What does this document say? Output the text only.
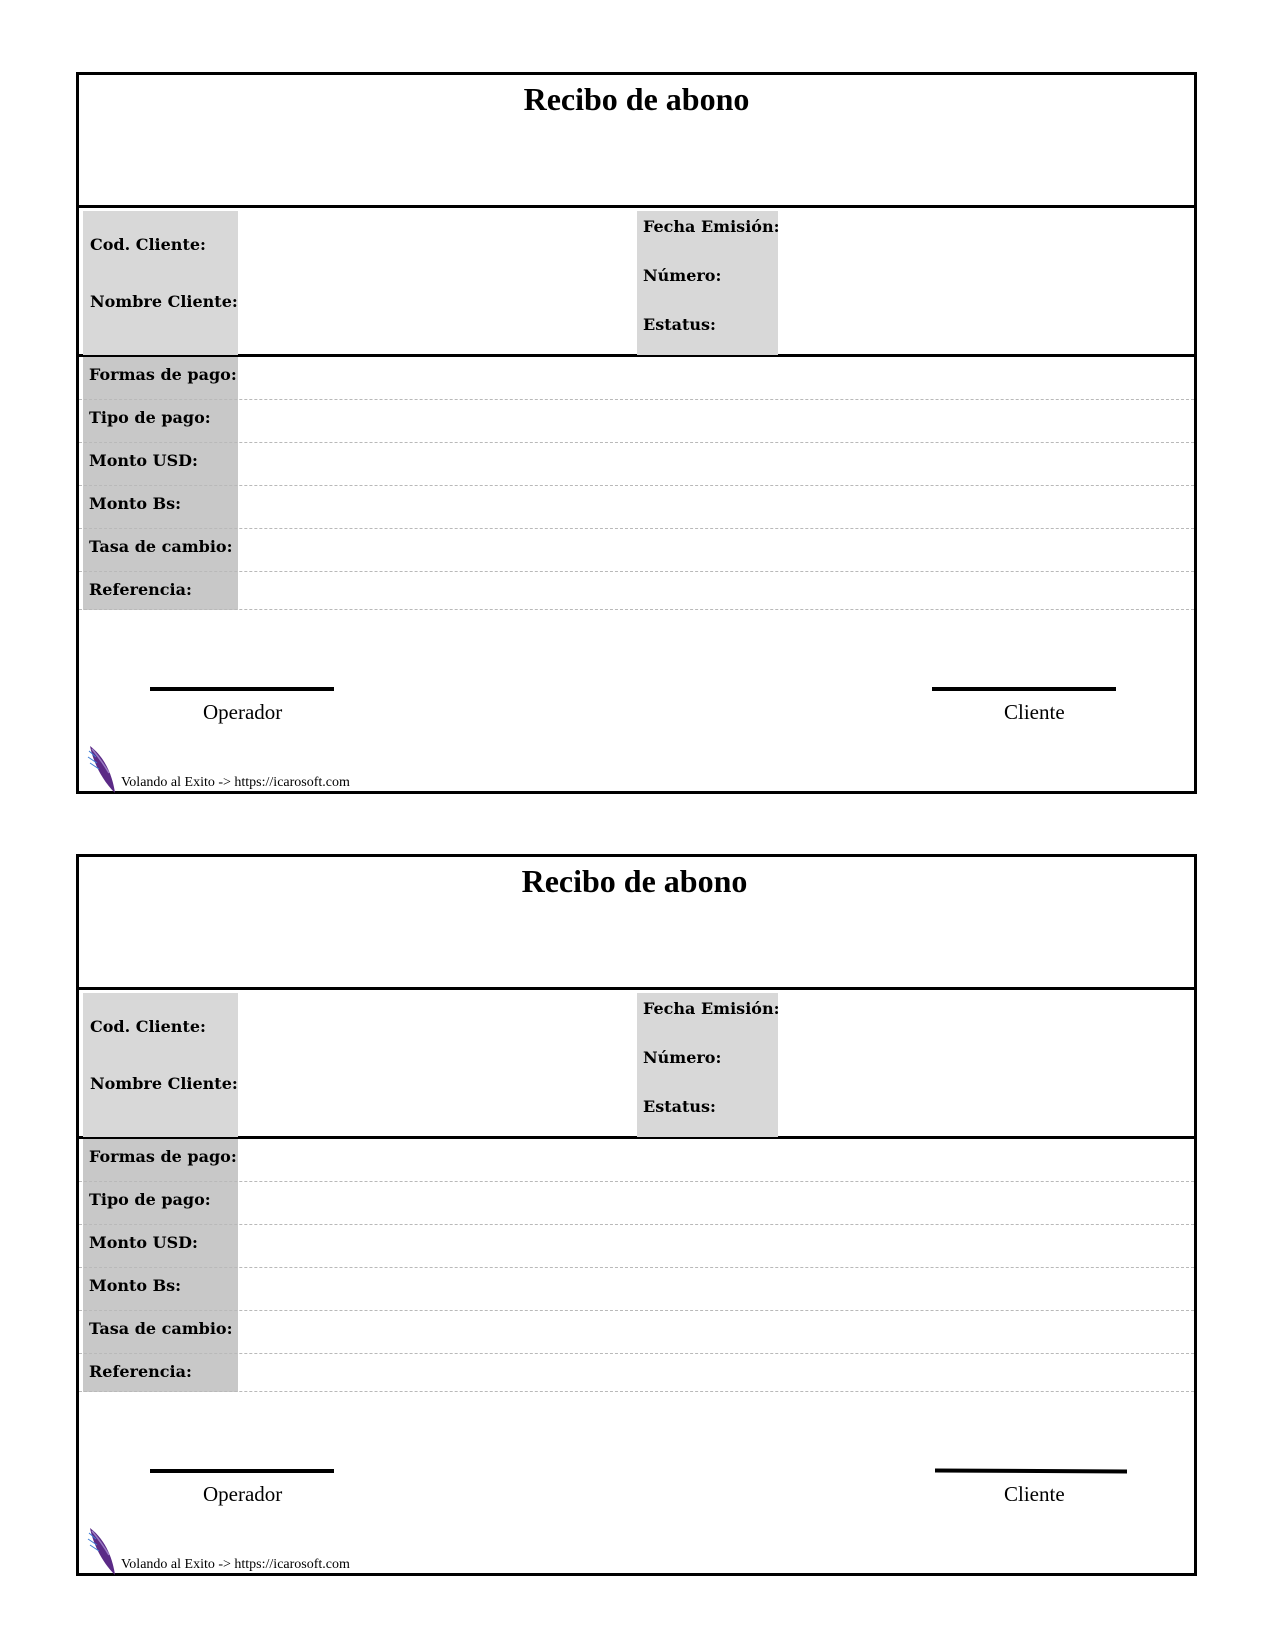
Recibo de abono
Cod. Cliente:
Nombre Cliente:
Fecha Emisión:
Número:
Estatus:
Formas de pago:
Tipo de pago:
Monto USD:
Monto Bs:
Tasa de cambio:
Referencia:
Operador	Cliente
Volando al Exito -> https://icarosoft.com
Recibo de abono
Cod. Cliente:
Nombre Cliente:
Fecha Emisión:
Número:
Estatus:
Formas de pago:
Tipo de pago:
Monto USD:
Monto Bs:
Tasa de cambio:
Referencia:
Operador	Cliente
Volando al Exito -> https://icarosoft.com
